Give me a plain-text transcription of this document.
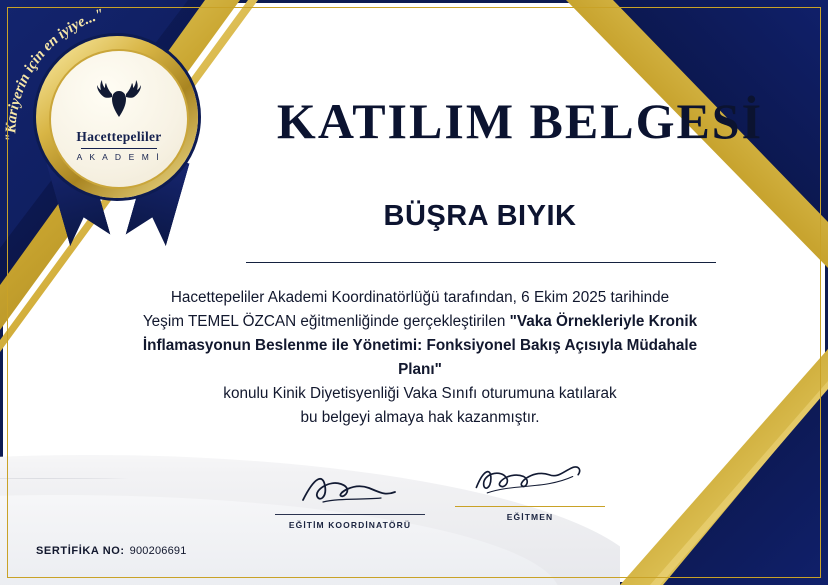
"Kariyerin için en iyiye..."
Hacettepeliler
A K A D E M İ
KATILIM BELGESİ
BÜŞRA BIYIK
Hacettepeliler Akademi Koordinatörlüğü tarafından, 6 Ekim 2025 tarihinde
Yeşim TEMEL ÖZCAN eğitmenliğinde gerçekleştirilen "Vaka Örnekleriyle Kronik
İnflamasyonun Beslenme ile Yönetimi: Fonksiyonel Bakış Açısıyla Müdahale Planı"
konulu Kinik Diyetisyenliği Vaka Sınıfı oturumuna katılarak
bu belgeyi almaya hak kazanmıştır.
EĞİTİM KOORDİNATÖRÜ
EĞİTMEN
SERTİFİKA NO: 900206691
